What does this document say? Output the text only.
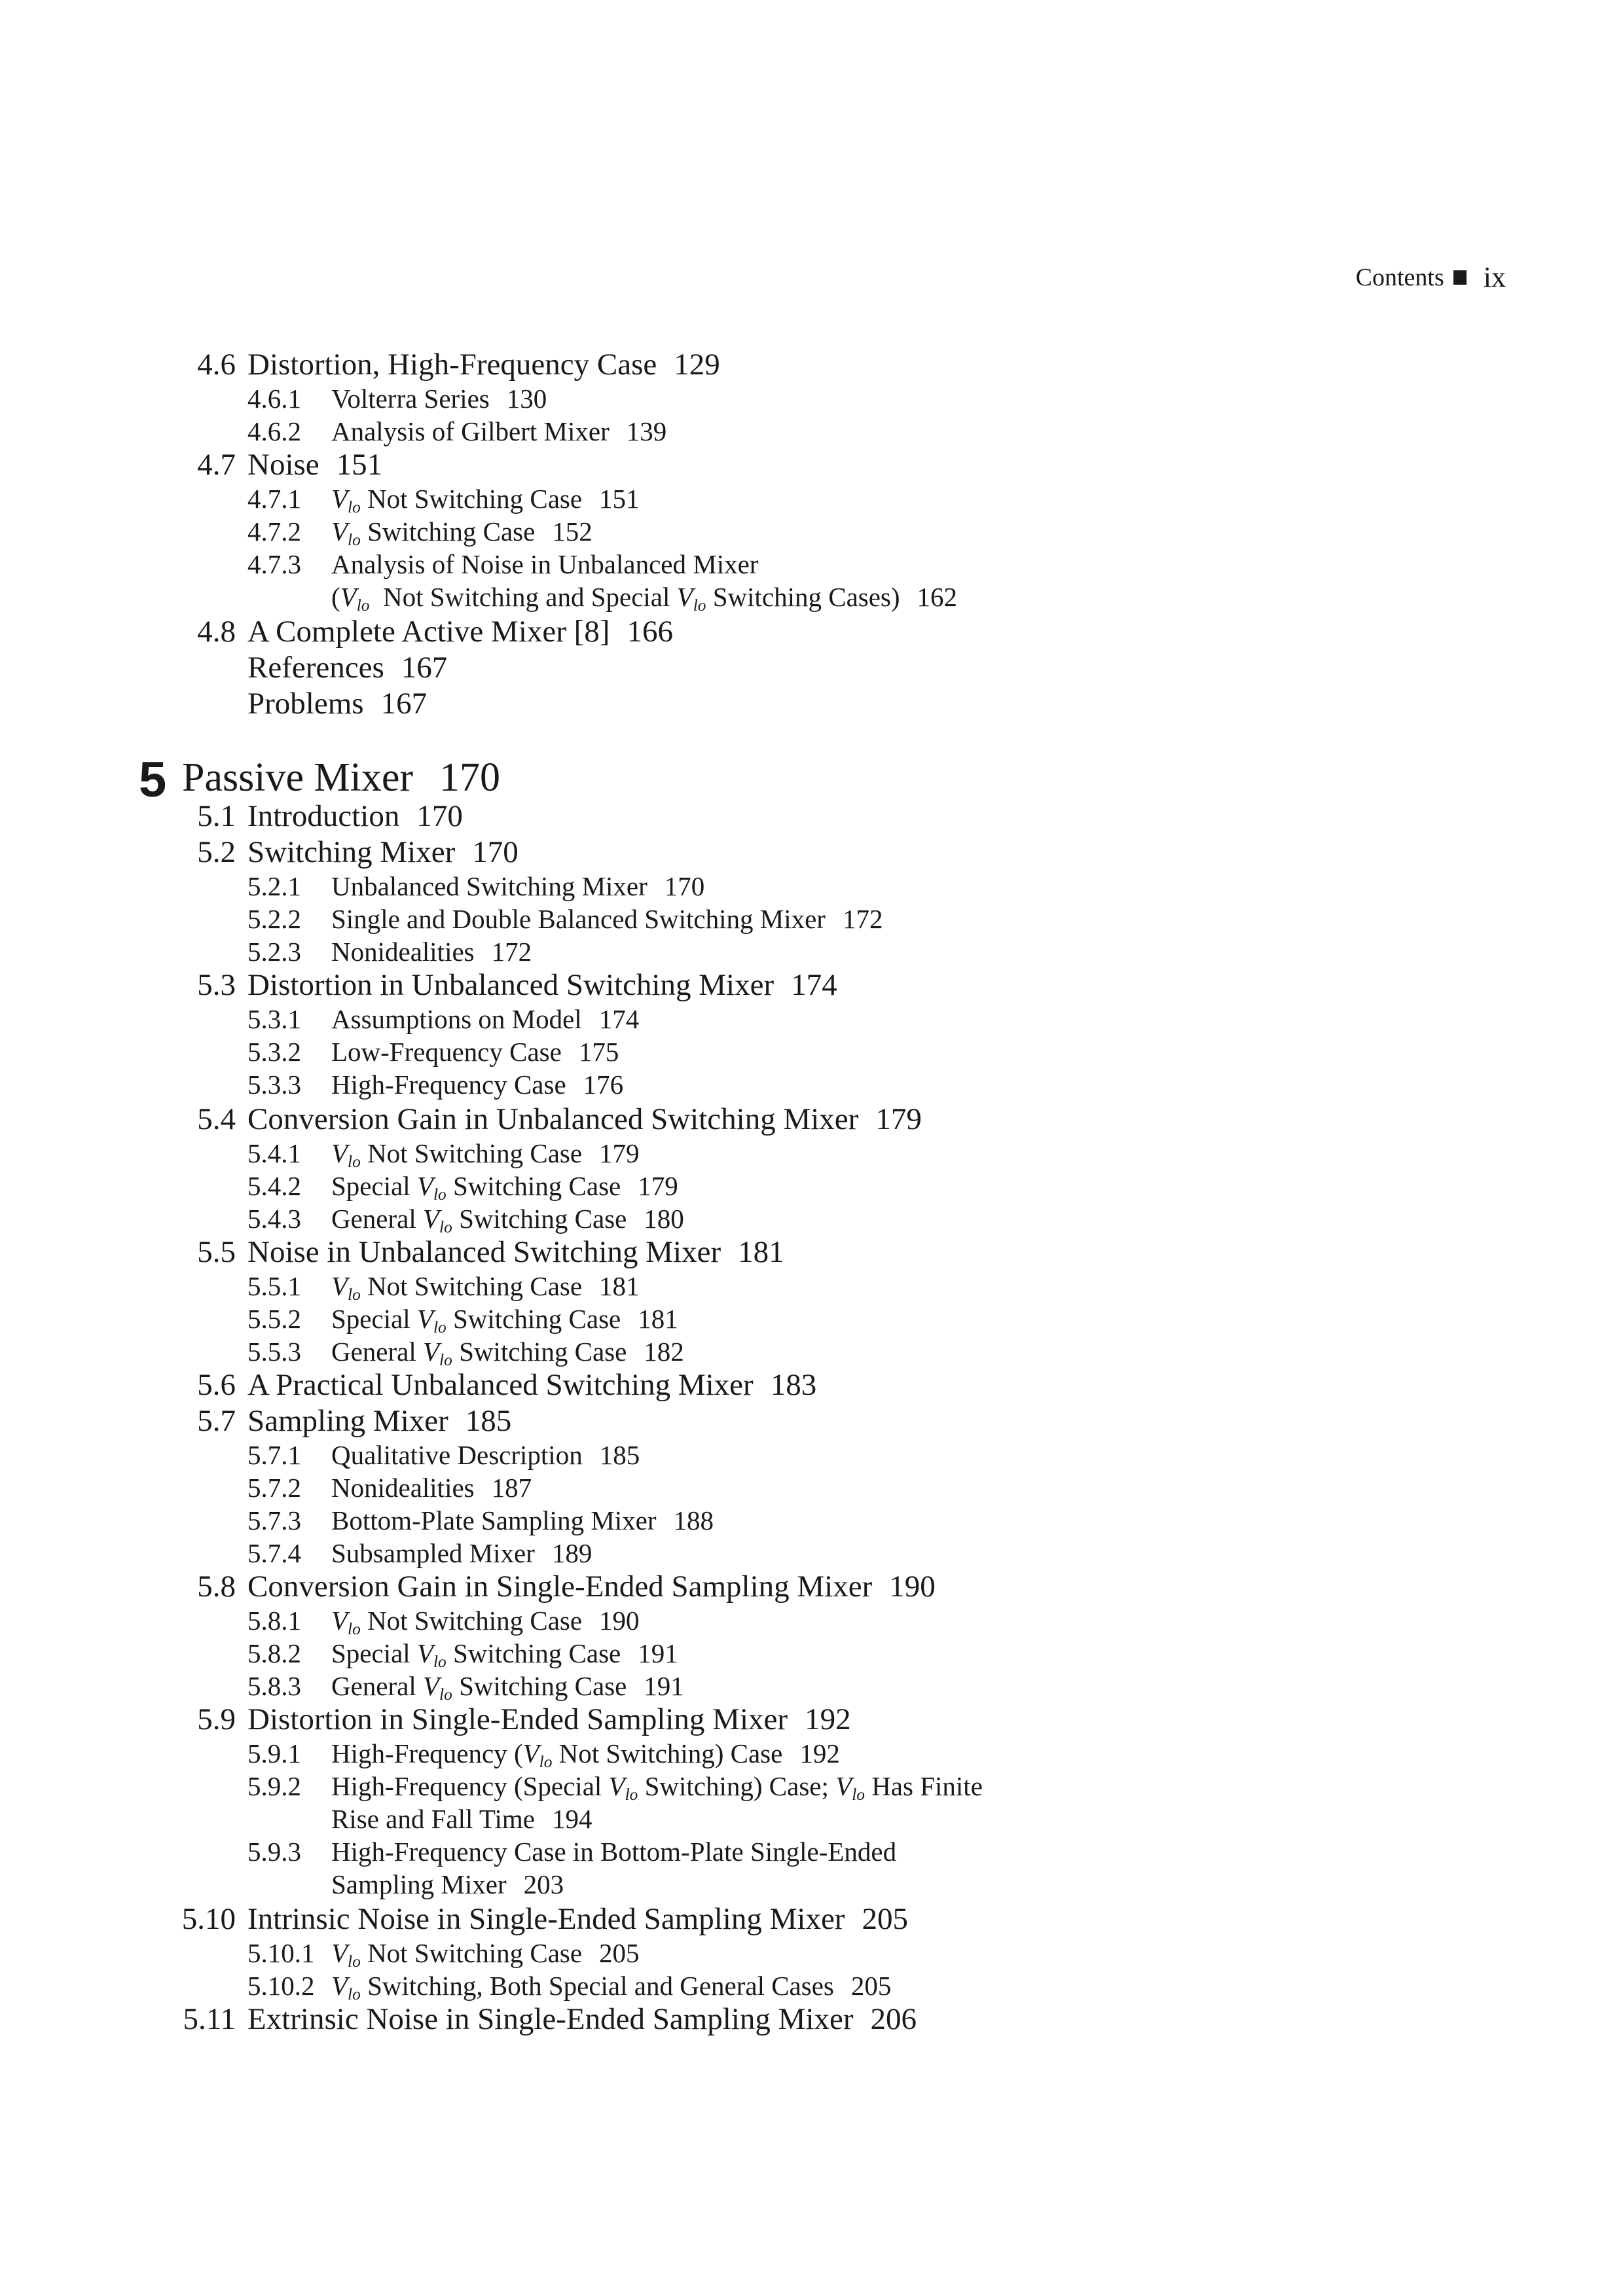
Contents ix
4.6 Distortion, High-Frequency Case 129
4.6.1 Volterra Series 130
4.6.2 Analysis of Gilbert Mixer 139
4.7 Noise 151
4.7.1 $V_{lo}$ Not Switching Case 151
4.7.2 $V_{lo}$ Switching Case 152
4.7.3 Analysis of Noise in Unbalanced Mixer
($V_{lo}$  Not Switching and Special $V_{lo}$ Switching Cases) 162
4.8 A Complete Active Mixer [8] 166
References 167
Problems 167
5 Passive Mixer 170
5.1 Introduction 170
5.2 Switching Mixer 170
5.2.1 Unbalanced Switching Mixer 170
5.2.2 Single and Double Balanced Switching Mixer 172
5.2.3 Nonidealities 172
5.3 Distortion in Unbalanced Switching Mixer 174
5.3.1 Assumptions on Model 174
5.3.2 Low-Frequency Case 175
5.3.3 High-Frequency Case 176
5.4 Conversion Gain in Unbalanced Switching Mixer 179
5.4.1 $V_{lo}$ Not Switching Case 179
5.4.2 Special $V_{lo}$ Switching Case 179
5.4.3 General $V_{lo}$ Switching Case 180
5.5 Noise in Unbalanced Switching Mixer 181
5.5.1 $V_{lo}$ Not Switching Case 181
5.5.2 Special $V_{lo}$ Switching Case 181
5.5.3 General $V_{lo}$ Switching Case 182
5.6 A Practical Unbalanced Switching Mixer 183
5.7 Sampling Mixer 185
5.7.1 Qualitative Description 185
5.7.2 Nonidealities 187
5.7.3 Bottom-Plate Sampling Mixer 188
5.7.4 Subsampled Mixer 189
5.8 Conversion Gain in Single-Ended Sampling Mixer 190
5.8.1 $V_{lo}$ Not Switching Case 190
5.8.2 Special $V_{lo}$ Switching Case 191
5.8.3 General $V_{lo}$ Switching Case 191
5.9 Distortion in Single-Ended Sampling Mixer 192
5.9.1 High-Frequency ($V_{lo}$ Not Switching) Case 192
5.9.2 High-Frequency (Special $V_{lo}$ Switching) Case; $V_{lo}$ Has Finite
Rise and Fall Time 194
5.9.3 High-Frequency Case in Bottom-Plate Single-Ended
Sampling Mixer 203
5.10 Intrinsic Noise in Single-Ended Sampling Mixer 205
5.10.1 $V_{lo}$ Not Switching Case 205
5.10.2 $V_{lo}$ Switching, Both Special and General Cases 205
5.11 Extrinsic Noise in Single-Ended Sampling Mixer 206
